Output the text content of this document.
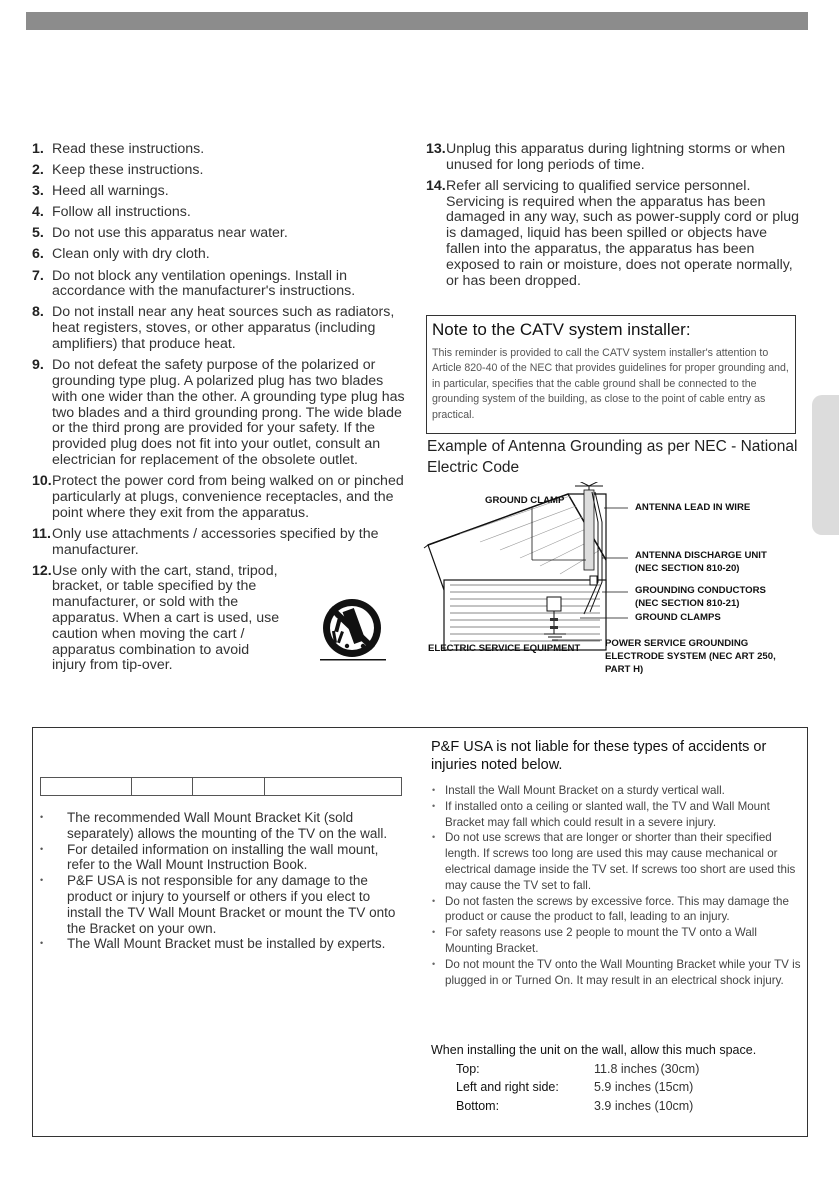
1. Read these instructions.
2. Keep these instructions.
3. Heed all warnings.
4. Follow all instructions.
5. Do not use this apparatus near water.
6. Clean only with dry cloth.
7. Do not block any ventilation openings. Install in accordance with the manufacturer's instructions.
8. Do not install near any heat sources such as radiators, heat registers, stoves, or other apparatus (including amplifiers) that produce heat.
9. Do not defeat the safety purpose of the polarized or grounding type plug. A polarized plug has two blades with one wider than the other. A grounding type plug has two blades and a third grounding prong. The wide blade or the third prong are provided for your safety. If the provided plug does not fit into your outlet, consult an electrician for replacement of the obsolete outlet.
10. Protect the power cord from being walked on or pinched particularly at plugs, convenience receptacles, and the point where they exit from the apparatus.
11. Only use attachments / accessories specified by the manufacturer.
12. Use only with the cart, stand, tripod, bracket, or table specified by the manufacturer, or sold with the apparatus. When a cart is used, use caution when moving the cart / apparatus combination to avoid injury from tip-over.
13. Unplug this apparatus during lightning storms or when unused for long periods of time.
14. Refer all servicing to qualified service personnel. Servicing is required when the apparatus has been damaged in any way, such as power-supply cord or plug is damaged, liquid has been spilled or objects have fallen into the apparatus, the apparatus has been exposed to rain or moisture, does not operate normally, or has been dropped.
Note to the CATV system installer:

This reminder is provided to call the CATV system installer's attention to Article 820-40 of the NEC that provides guidelines for proper grounding and, in particular, specifies that the cable ground shall be connected to the grounding system of the building, as close to the point of cable entry as practical.

Example of Antenna Grounding as per NEC - National Electric Code
GROUND CLAMP
ANTENNA LEAD IN WIRE
ANTENNA DISCHARGE UNIT
(NEC SECTION 810-20)
GROUNDING CONDUCTORS
(NEC SECTION 810-21)
GROUND CLAMPS
ELECTRIC SERVICE EQUIPMENT	POWER SERVICE GROUNDING
ELECTRODE SYSTEM (NEC ART 250,
PART H)
• The recommended Wall Mount Bracket Kit (sold separately) allows the mounting of the TV on the wall.
• For detailed information on installing the wall mount, refer to the Wall Mount Instruction Book.
• P&F USA is not responsible for any damage to the product or injury to yourself or others if you elect to install the TV Wall Mount Bracket or mount the TV onto the Bracket on your own.
• The Wall Mount Bracket must be installed by experts.
P&F USA is not liable for these types of accidents or injuries noted below.
• Install the Wall Mount Bracket on a sturdy vertical wall.
• If installed onto a ceiling or slanted wall, the TV and Wall Mount Bracket may fall which could result in a severe injury.
• Do not use screws that are longer or shorter than their specified length. If screws too long are used this may cause mechanical or electrical damage inside the TV set. If screws too short are used this may cause the TV set to fall.
• Do not fasten the screws by excessive force. This may damage the product or cause the product to fall, leading to an injury.
• For safety reasons use 2 people to mount the TV onto a Wall Mounting Bracket.
• Do not mount the TV onto the Wall Mounting Bracket while your TV is plugged in or Turned On. It may result in an electrical shock injury.
When installing the unit on the wall, allow this much space.
Top:	11.8 inches (30cm)
Left and right side:	5.9 inches (15cm)
Bottom:	3.9 inches (10cm)
